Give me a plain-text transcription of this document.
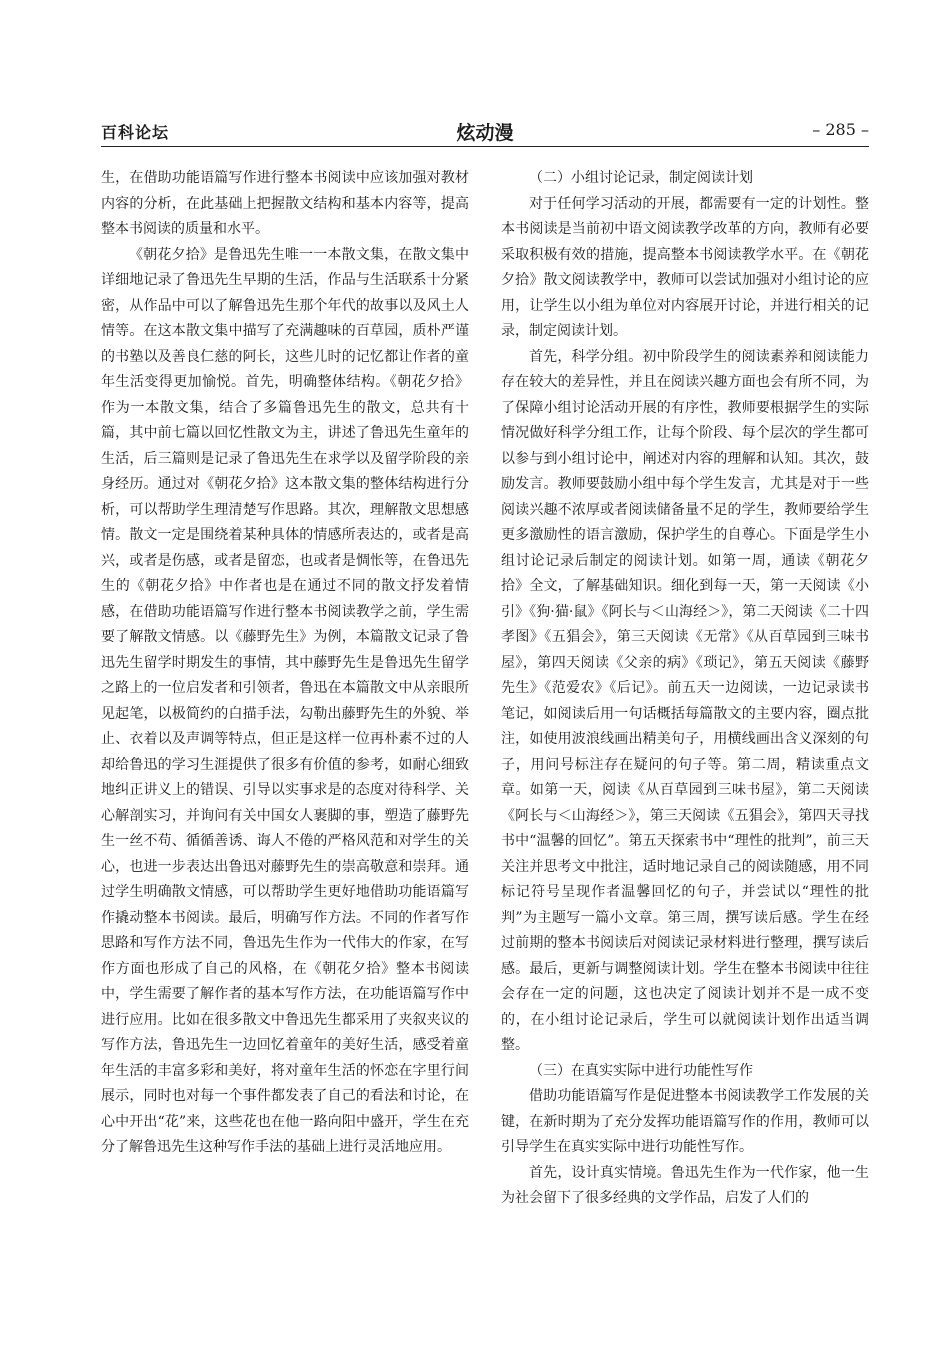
百科论坛	炫动漫	– 285 –

生，在借助功能语篇写作进行整本书阅读中应该加强对教材内容的分析，在此基础上把握散文结构和基本内容等，提高整本书阅读的质量和水平。

《朝花夕拾》是鲁迅先生唯一一本散文集，在散文集中详细地记录了鲁迅先生早期的生活，作品与生活联系十分紧密，从作品中可以了解鲁迅先生那个年代的故事以及风土人情等。在这本散文集中描写了充满趣味的百草园，质朴严谨的书塾以及善良仁慈的阿长，这些儿时的记忆都让作者的童年生活变得更加愉悦。首先，明确整体结构。《朝花夕拾》作为一本散文集，结合了多篇鲁迅先生的散文，总共有十篇，其中前七篇以回忆性散文为主，讲述了鲁迅先生童年的生活，后三篇则是记录了鲁迅先生在求学以及留学阶段的亲身经历。通过对《朝花夕拾》这本散文集的整体结构进行分析，可以帮助学生理清楚写作思路。其次，理解散文思想感情。散文一定是围绕着某种具体的情感所表达的，或者是高兴，或者是伤感，或者是留恋，也或者是惆怅等，在鲁迅先生的《朝花夕拾》中作者也是在通过不同的散文抒发着情感，在借助功能语篇写作进行整本书阅读教学之前，学生需要了解散文情感。以《藤野先生》为例，本篇散文记录了鲁迅先生留学时期发生的事情，其中藤野先生是鲁迅先生留学之路上的一位启发者和引领者，鲁迅在本篇散文中从亲眼所见起笔，以极简约的白描手法，勾勒出藤野先生的外貌、举止、衣着以及声调等特点，但正是这样一位再朴素不过的人却给鲁迅的学习生涯提供了很多有价值的参考，如耐心细致地纠正讲义上的错误、引导以实事求是的态度对待科学、关心解剖实习，并询问有关中国女人裹脚的事，塑造了藤野先生一丝不苟、循循善诱、诲人不倦的严格风范和对学生的关心，也进一步表达出鲁迅对藤野先生的崇高敬意和崇拜。通过学生明确散文情感，可以帮助学生更好地借助功能语篇写作撬动整本书阅读。最后，明确写作方法。不同的作者写作思路和写作方法不同，鲁迅先生作为一代伟大的作家，在写作方面也形成了自己的风格，在《朝花夕拾》整本书阅读中，学生需要了解作者的基本写作方法，在功能语篇写作中进行应用。比如在很多散文中鲁迅先生都采用了夹叙夹议的写作方法，鲁迅先生一边回忆着童年的美好生活，感受着童年生活的丰富多彩和美好，将对童年生活的怀恋在字里行间展示，同时也对每一个事件都发表了自己的看法和讨论，在心中开出“花”来，这些花也在他一路向阳中盛开，学生在充分了解鲁迅先生这种写作手法的基础上进行灵活地应用。

（二）小组讨论记录，制定阅读计划

对于任何学习活动的开展，都需要有一定的计划性。整本书阅读是当前初中语文阅读教学改革的方向，教师有必要采取积极有效的措施，提高整本书阅读教学水平。在《朝花夕拾》散文阅读教学中，教师可以尝试加强对小组讨论的应用，让学生以小组为单位对内容展开讨论，并进行相关的记录，制定阅读计划。

首先，科学分组。初中阶段学生的阅读素养和阅读能力存在较大的差异性，并且在阅读兴趣方面也会有所不同，为了保障小组讨论活动开展的有序性，教师要根据学生的实际情况做好科学分组工作，让每个阶段、每个层次的学生都可以参与到小组讨论中，阐述对内容的理解和认知。其次，鼓励发言。教师要鼓励小组中每个学生发言，尤其是对于一些阅读兴趣不浓厚或者阅读储备量不足的学生，教师要给学生更多激励性的语言激励，保护学生的自尊心。下面是学生小组讨论记录后制定的阅读计划。如第一周，通读《朝花夕拾》全文，了解基础知识。细化到每一天，第一天阅读《小引》《狗·猫·鼠》《阿长与＜山海经＞》，第二天阅读《二十四孝图》《五猖会》，第三天阅读《无常》《从百草园到三味书屋》，第四天阅读《父亲的病》《琐记》，第五天阅读《藤野先生》《范爱农》《后记》。前五天一边阅读，一边记录读书笔记，如阅读后用一句话概括每篇散文的主要内容，圈点批注，如使用波浪线画出精美句子，用横线画出含义深刻的句子，用问号标注存在疑问的句子等。第二周，精读重点文章。如第一天，阅读《从百草园到三味书屋》，第二天阅读《阿长与＜山海经＞》，第三天阅读《五猖会》，第四天寻找书中“温馨的回忆”。第五天探索书中“理性的批判”，前三天关注并思考文中批注，适时地记录自己的阅读随感，用不同标记符号呈现作者温馨回忆的句子，并尝试以“理性的批判”为主题写一篇小文章。第三周，撰写读后感。学生在经过前期的整本书阅读后对阅读记录材料进行整理，撰写读后感。最后，更新与调整阅读计划。学生在整本书阅读中往往会存在一定的问题，这也决定了阅读计划并不是一成不变的，在小组讨论记录后，学生可以就阅读计划作出适当调整。

（三）在真实实际中进行功能性写作

借助功能语篇写作是促进整本书阅读教学工作发展的关键，在新时期为了充分发挥功能语篇写作的作用，教师可以引导学生在真实实际中进行功能性写作。

首先，设计真实情境。鲁迅先生作为一代作家，他一生为社会留下了很多经典的文学作品，启发了人们的
